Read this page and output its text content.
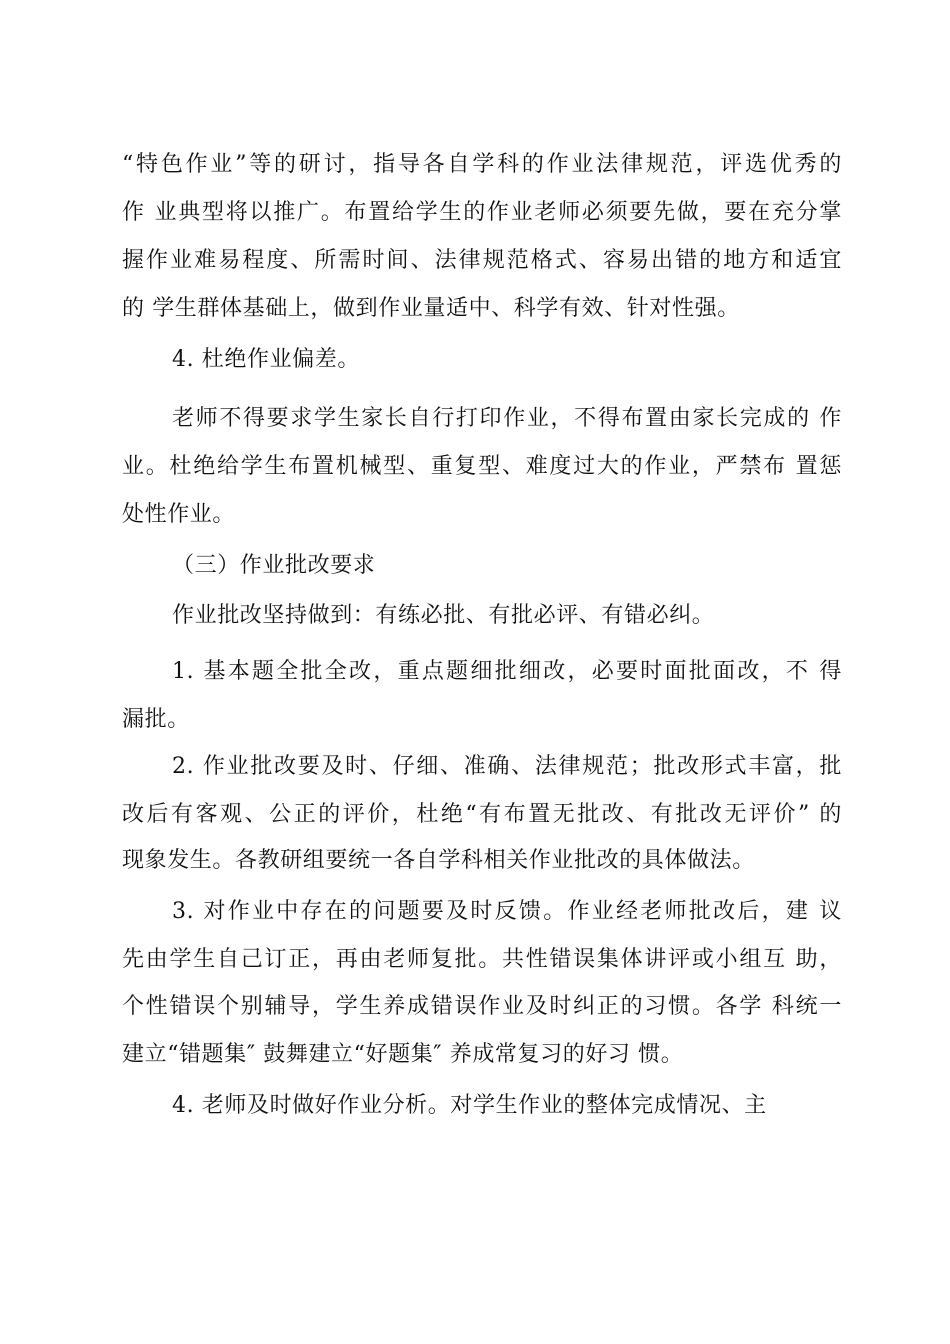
“特色作业”等的研讨，指导各自学科的作业法律规范，评选优秀的
作 业典型将以推广。布置给学生的作业老师必须要先做，要在充分掌
握作业难易程度、所需时间、法律规范格式、容易出错的地方和适宜
的 学生群体基础上，做到作业量适中、科学有效、针对性强。
4. 杜绝作业偏差。
老师不得要求学生家长自行打印作业，不得布置由家长完成的 作
业。杜绝给学生布置机械型、重复型、难度过大的作业，严禁布 置惩
处性作业。
（三）作业批改要求
作业批改坚持做到：有练必批、有批必评、有错必纠。
1. 基本题全批全改，重点题细批细改，必要时面批面改，不 得
漏批。
2. 作业批改要及时、仔细、准确、法律规范；批改形式丰富，批
改后有客观、公正的评价，杜绝“有布置无批改、有批改无评价” 的
现象发生。各教研组要统一各自学科相关作业批改的具体做法。
3. 对作业中存在的问题要及时反馈。作业经老师批改后，建 议
先由学生自己订正，再由老师复批。共性错误集体讲评或小组互 助，
个性错误个别辅导，学生养成错误作业及时纠正的习惯。各学 科统一
建立“错题集″ 鼓舞建立“好题集″ 养成常复习的好习 惯。
4. 老师及时做好作业分析。对学生作业的整体完成情况、主
